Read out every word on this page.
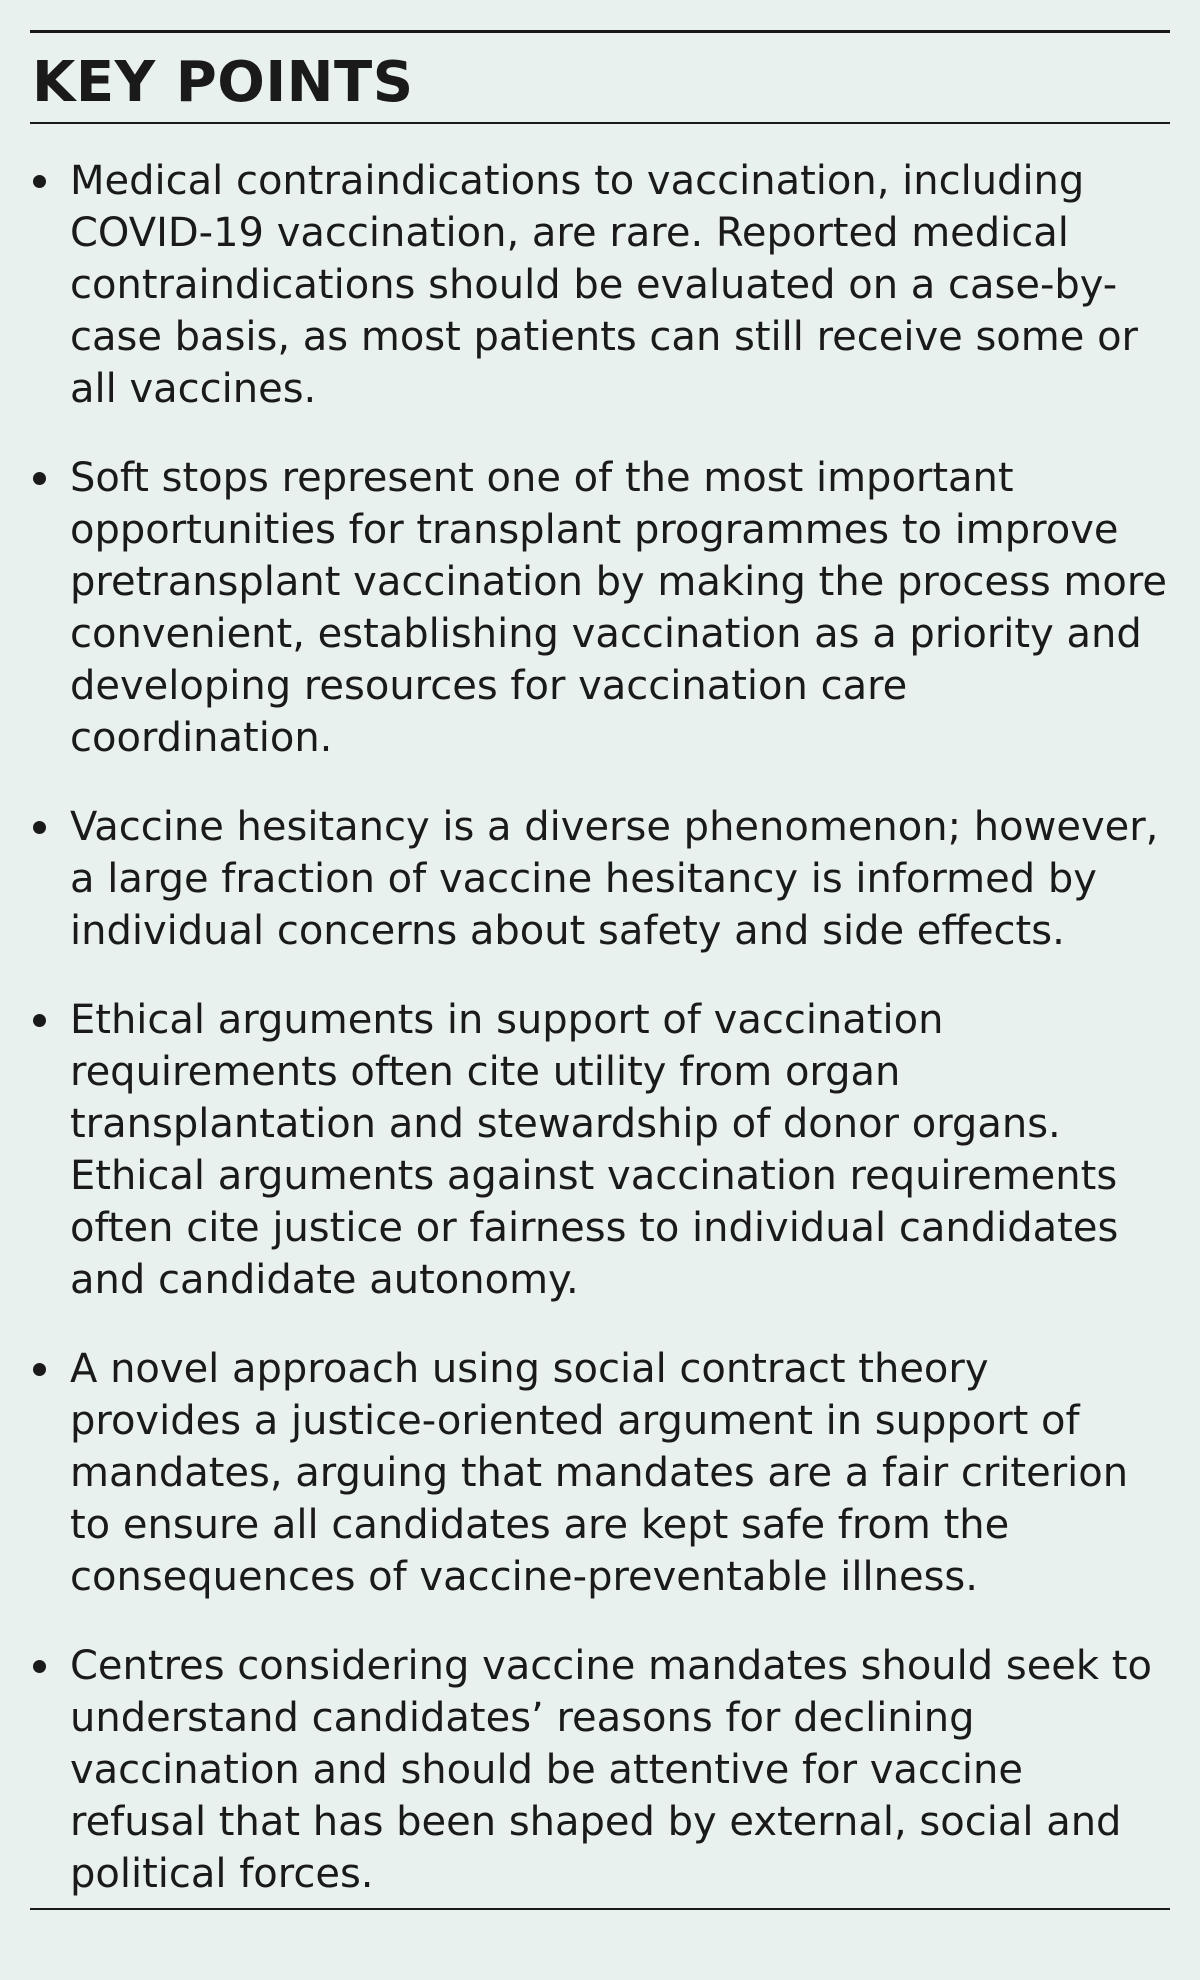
KEY POINTS
Medical contraindications to vaccination, including COVID-19 vaccination, are rare. Reported medical contraindications should be evaluated on a case-by-case basis, as most patients can still receive some or all vaccines.
Soft stops represent one of the most important opportunities for transplant programmes to improve pretransplant vaccination by making the process more convenient, establishing vaccination as a priority and developing resources for vaccination care coordination.
Vaccine hesitancy is a diverse phenomenon; however, a large fraction of vaccine hesitancy is informed by individual concerns about safety and side effects.
Ethical arguments in support of vaccination requirements often cite utility from organ transplantation and stewardship of donor organs. Ethical arguments against vaccination requirements often cite justice or fairness to individual candidates and candidate autonomy.
A novel approach using social contract theory provides a justice-oriented argument in support of mandates, arguing that mandates are a fair criterion to ensure all candidates are kept safe from the consequences of vaccine-preventable illness.
Centres considering vaccine mandates should seek to understand candidates’ reasons for declining vaccination and should be attentive for vaccine refusal that has been shaped by external, social and political forces.
